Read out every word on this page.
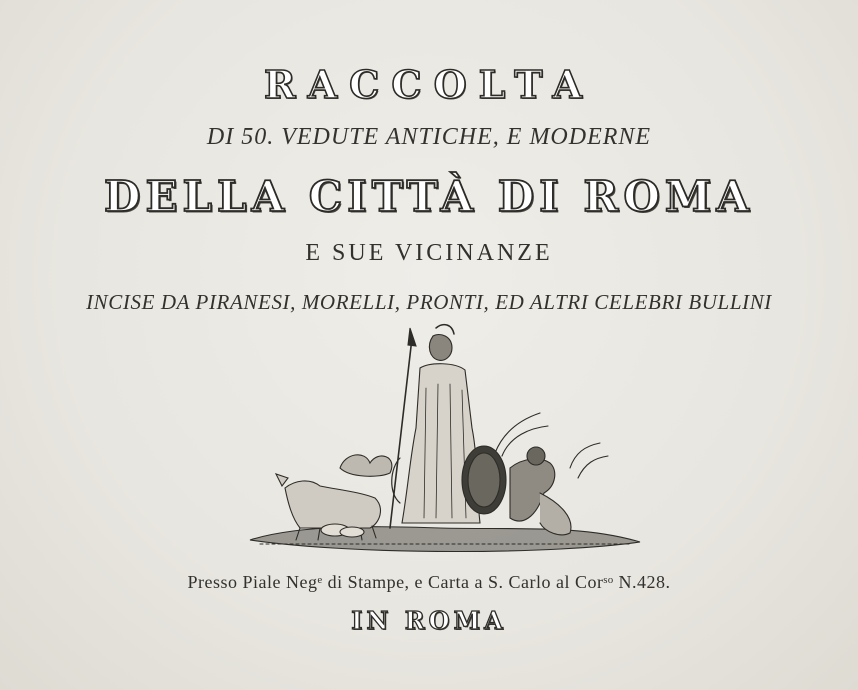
RACCOLTA
DI 50. VEDUTE ANTICHE, E MODERNE
DELLA CITTÀ DI ROMA
E SUE VICINANZE
INCISE DA PIRANESI, MORELLI, PRONTI, ED ALTRI CELEBRI BULLINI
Presso Piale Negᵉ di Stampe, e Carta a S. Carlo al Corˢᵒ N.428.
IN ROMA
